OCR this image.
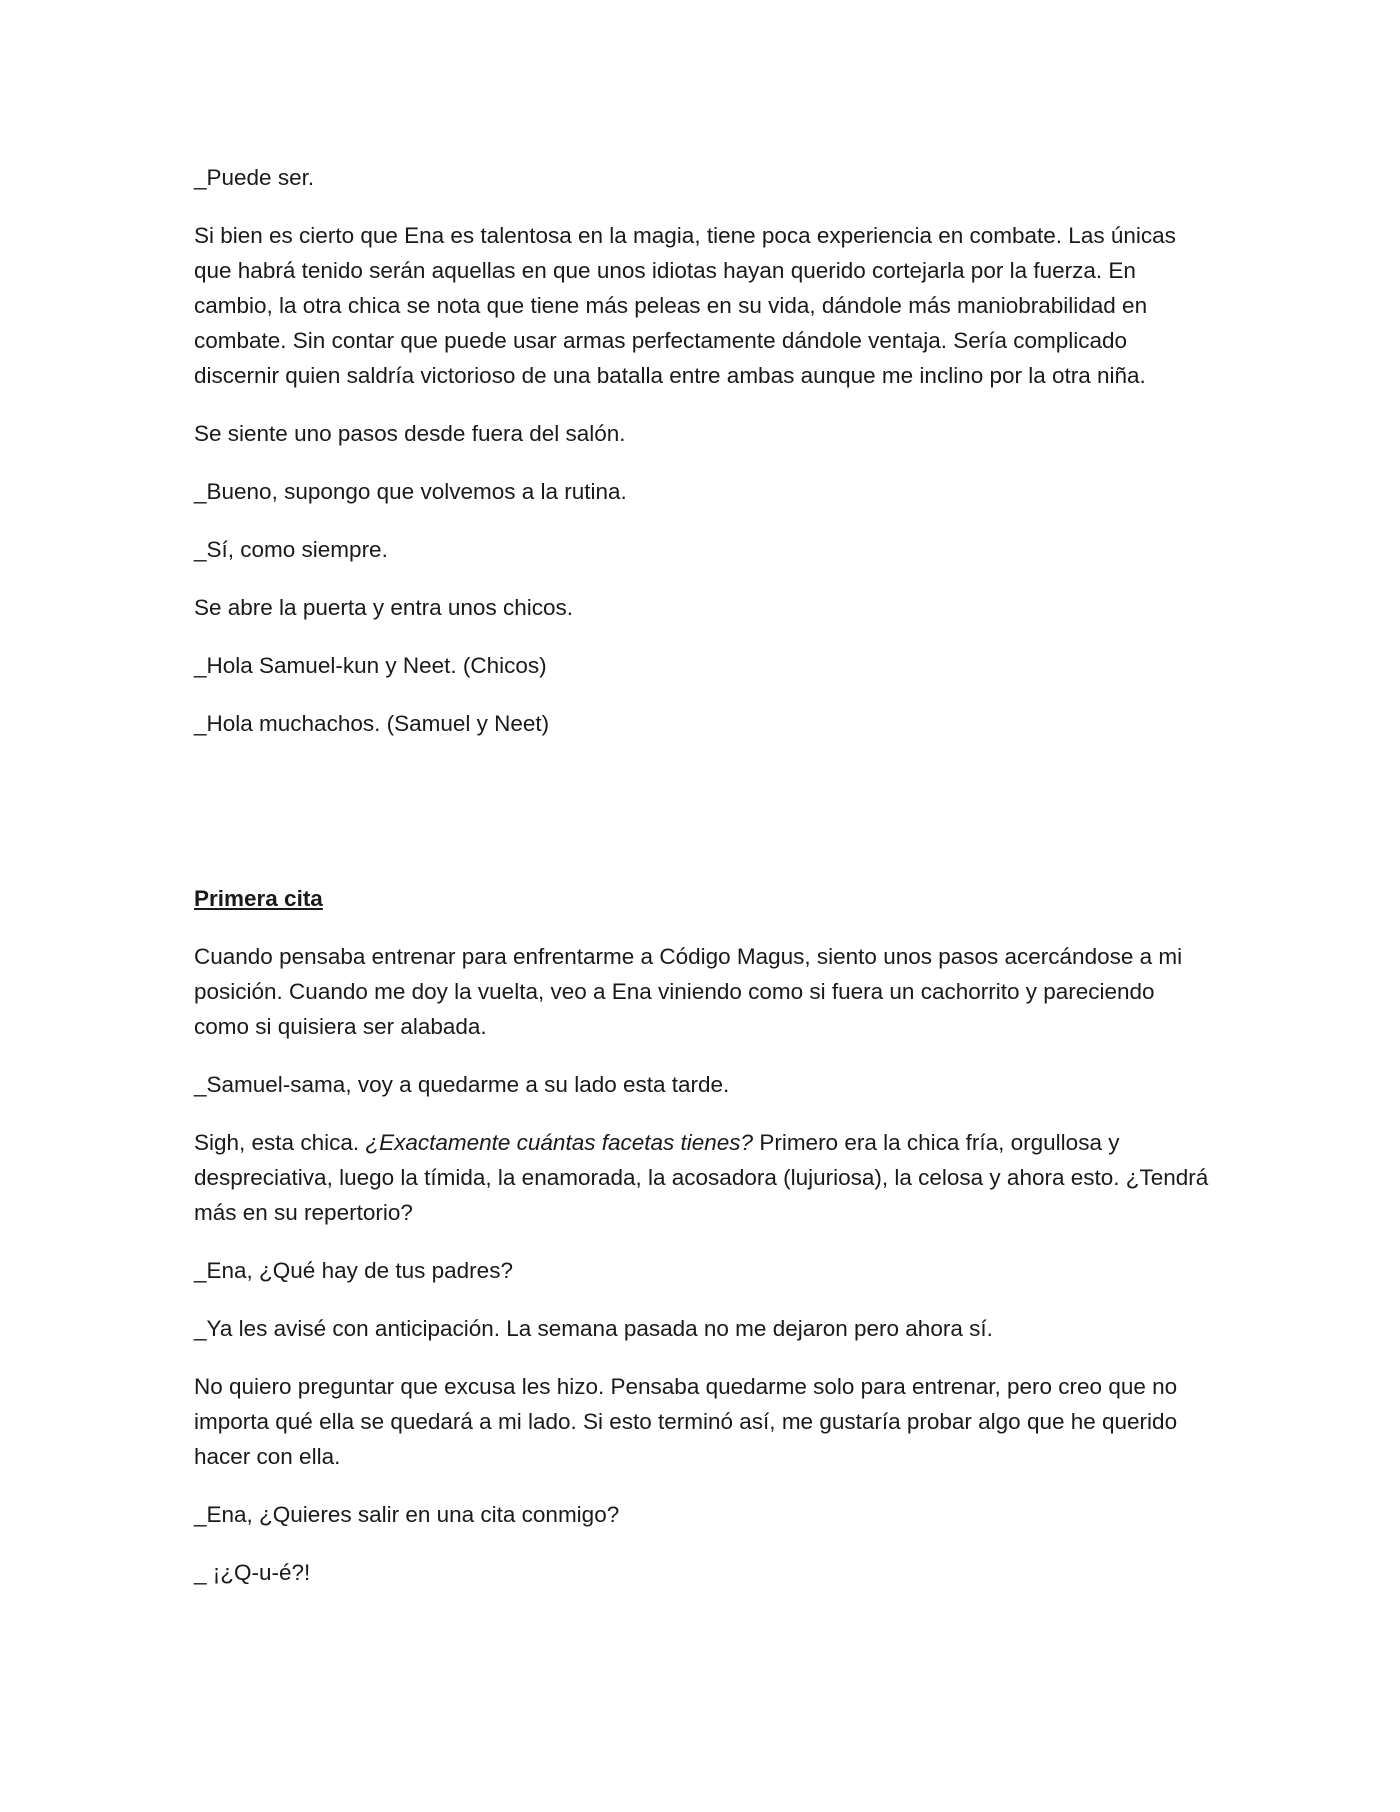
_Puede ser.

Si bien es cierto que Ena es talentosa en la magia, tiene poca experiencia en combate. Las únicas que habrá tenido serán aquellas en que unos idiotas hayan querido cortejarla por la fuerza. En cambio, la otra chica se nota que tiene más peleas en su vida, dándole más maniobrabilidad en combate. Sin contar que puede usar armas perfectamente dándole ventaja. Sería complicado discernir quien saldría victorioso de una batalla entre ambas aunque me inclino por la otra niña.

Se siente uno pasos desde fuera del salón.

_Bueno, supongo que volvemos a la rutina.

_Sí, como siempre.

Se abre la puerta y entra unos chicos.

_Hola Samuel-kun y Neet. (Chicos)

_Hola muchachos. (Samuel y Neet)

Primera cita

Cuando pensaba entrenar para enfrentarme a Código Magus, siento unos pasos acercándose a mi posición. Cuando me doy la vuelta, veo a Ena viniendo como si fuera un cachorrito y pareciendo como si quisiera ser alabada.

_Samuel-sama, voy a quedarme a su lado esta tarde.

Sigh, esta chica. ¿Exactamente cuántas facetas tienes? Primero era la chica fría, orgullosa y despreciativa, luego la tímida, la enamorada, la acosadora (lujuriosa), la celosa y ahora esto. ¿Tendrá más en su repertorio?

_Ena, ¿Qué hay de tus padres?

_Ya les avisé con anticipación. La semana pasada no me dejaron pero ahora sí.

No quiero preguntar que excusa les hizo. Pensaba quedarme solo para entrenar, pero creo que no importa qué ella se quedará a mi lado. Si esto terminó así, me gustaría probar algo que he querido hacer con ella.

_Ena, ¿Quieres salir en una cita conmigo?

_ ¡¿Q-u-é?!
